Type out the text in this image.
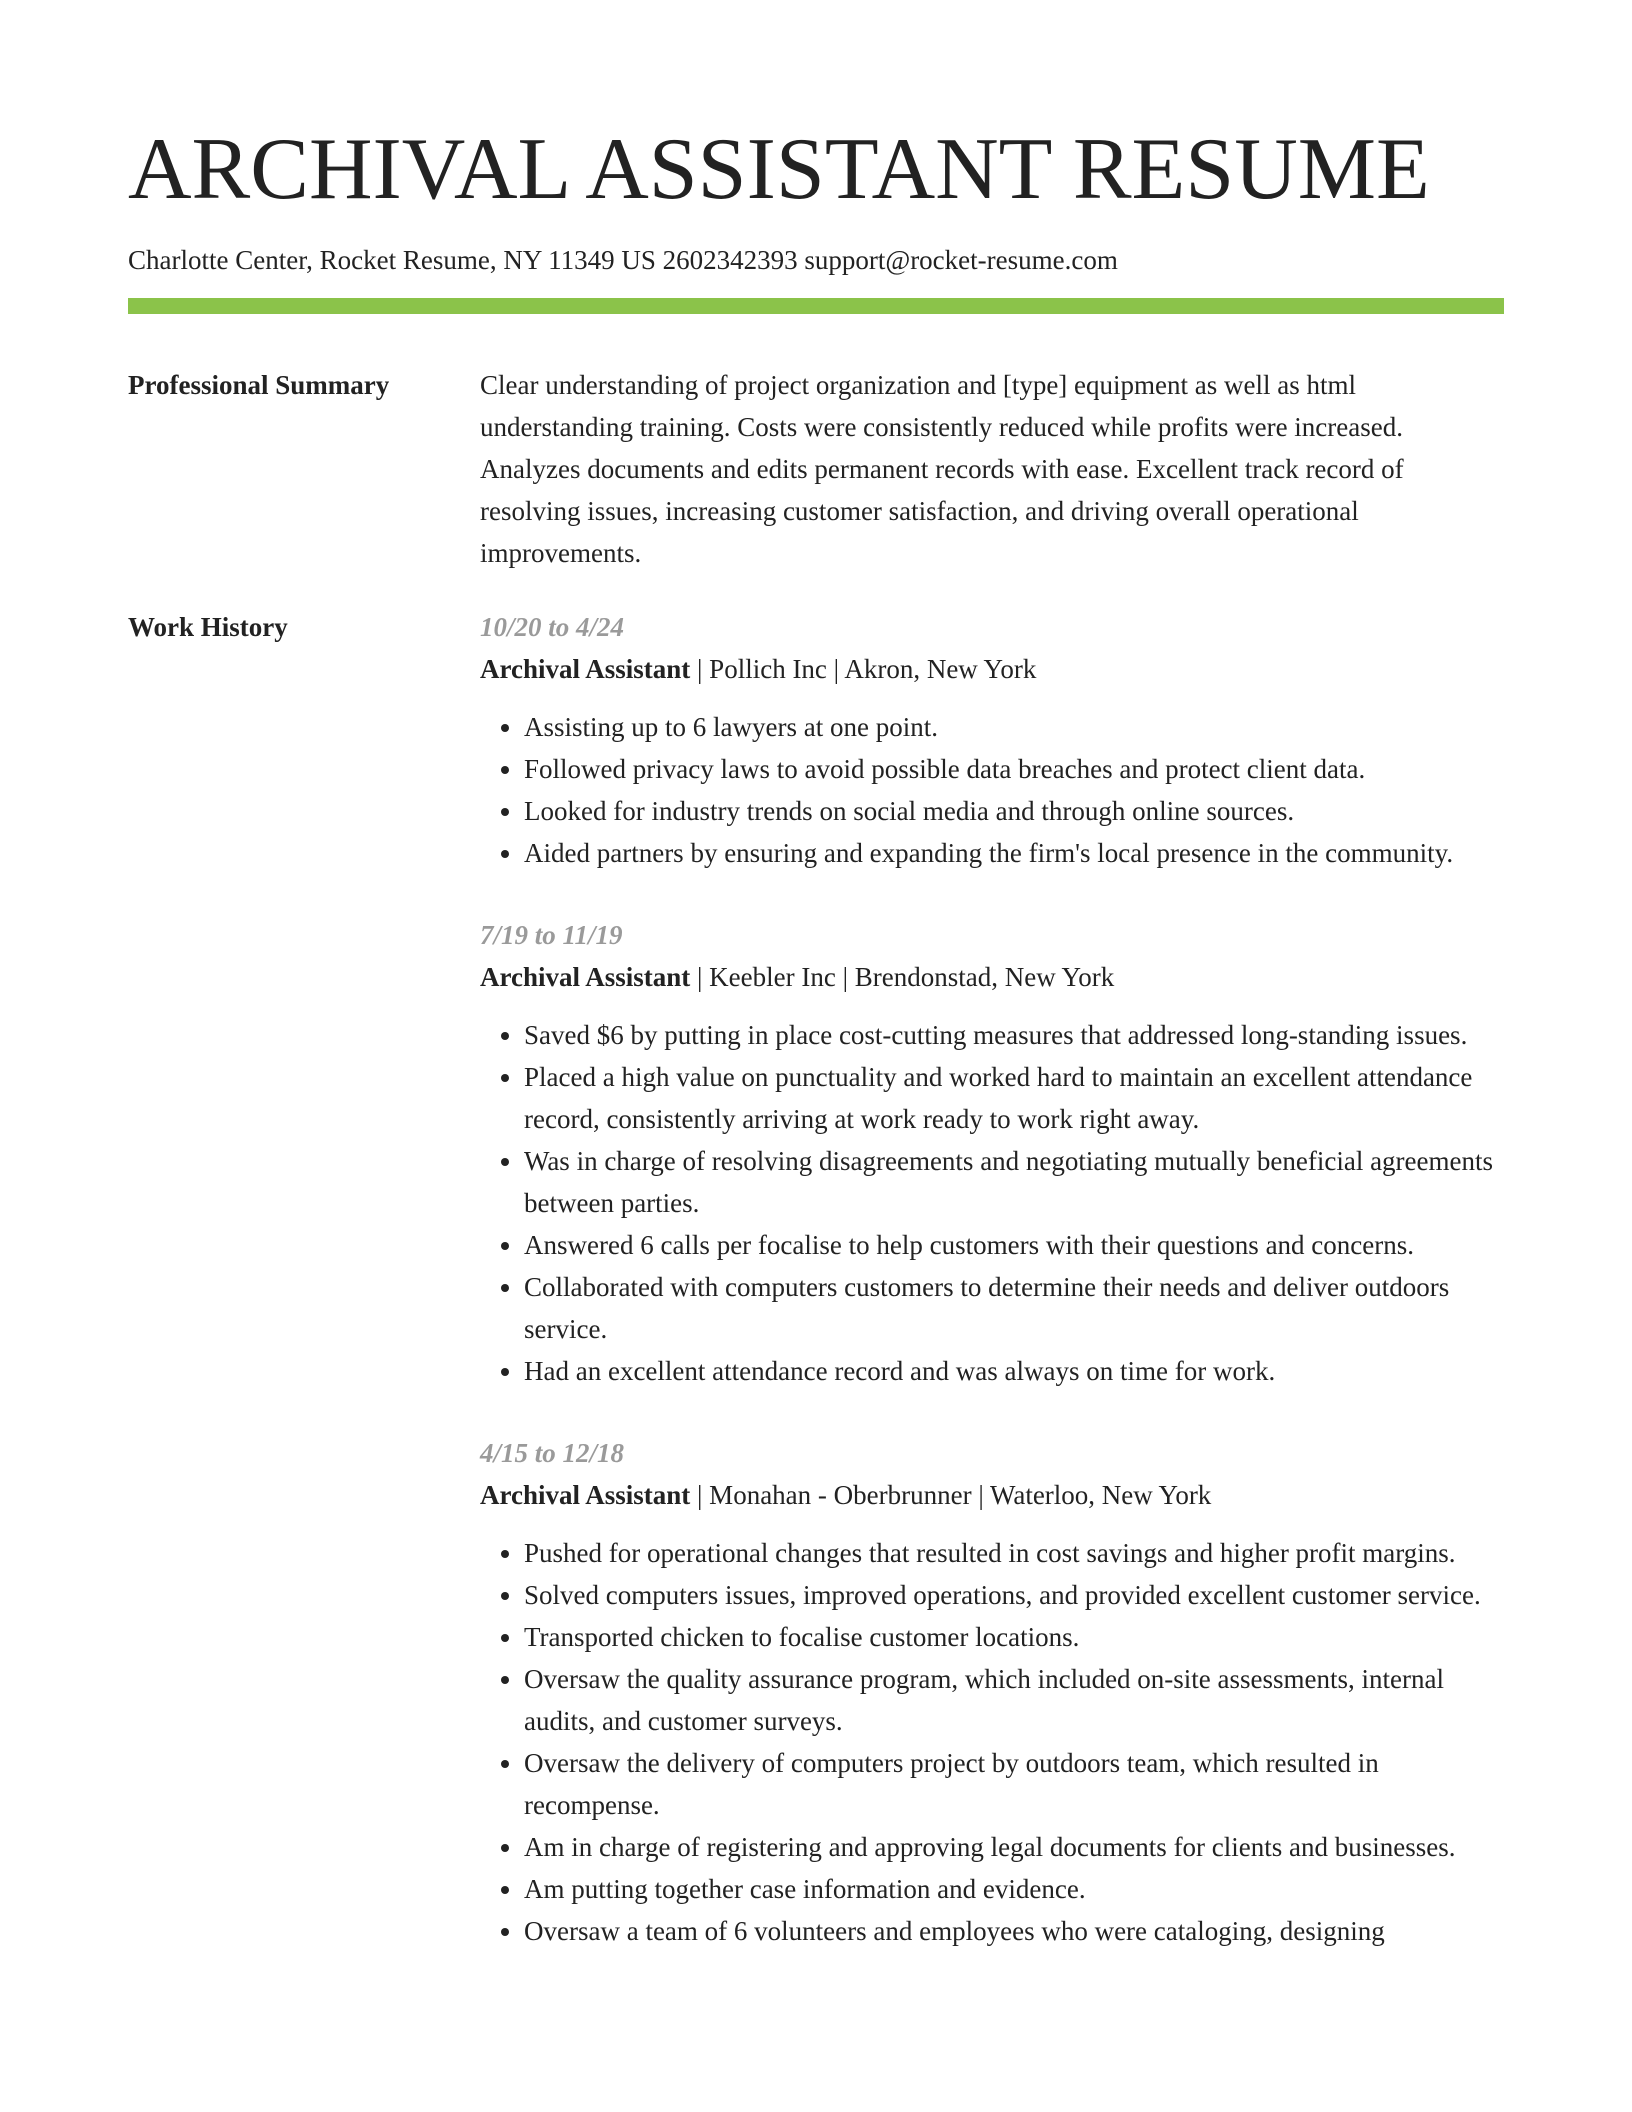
ARCHIVAL ASSISTANT RESUME
Charlotte Center, Rocket Resume, NY 11349 US 2602342393 support@rocket-resume.com
Professional Summary	Clear understanding of project organization and [type] equipment as well as html understanding training. Costs were consistently reduced while profits were increased. Analyzes documents and edits permanent records with ease. Excellent track record of resolving issues, increasing customer satisfaction, and driving overall operational improvements.
Work History	10/20 to 4/24
Archival Assistant | Pollich Inc | Akron, New York
• Assisting up to 6 lawyers at one point.
• Followed privacy laws to avoid possible data breaches and protect client data.
• Looked for industry trends on social media and through online sources.
• Aided partners by ensuring and expanding the firm's local presence in the community.
7/19 to 11/19
Archival Assistant | Keebler Inc | Brendonstad, New York
• Saved $6 by putting in place cost-cutting measures that addressed long-standing issues.
• Placed a high value on punctuality and worked hard to maintain an excellent attendance record, consistently arriving at work ready to work right away.
• Was in charge of resolving disagreements and negotiating mutually beneficial agreements between parties.
• Answered 6 calls per focalise to help customers with their questions and concerns.
• Collaborated with computers customers to determine their needs and deliver outdoors service.
• Had an excellent attendance record and was always on time for work.
4/15 to 12/18
Archival Assistant | Monahan - Oberbrunner | Waterloo, New York
• Pushed for operational changes that resulted in cost savings and higher profit margins.
• Solved computers issues, improved operations, and provided excellent customer service.
• Transported chicken to focalise customer locations.
• Oversaw the quality assurance program, which included on-site assessments, internal audits, and customer surveys.
• Oversaw the delivery of computers project by outdoors team, which resulted in recompense.
• Am in charge of registering and approving legal documents for clients and businesses.
• Am putting together case information and evidence.
• Oversaw a team of 6 volunteers and employees who were cataloging, designing
